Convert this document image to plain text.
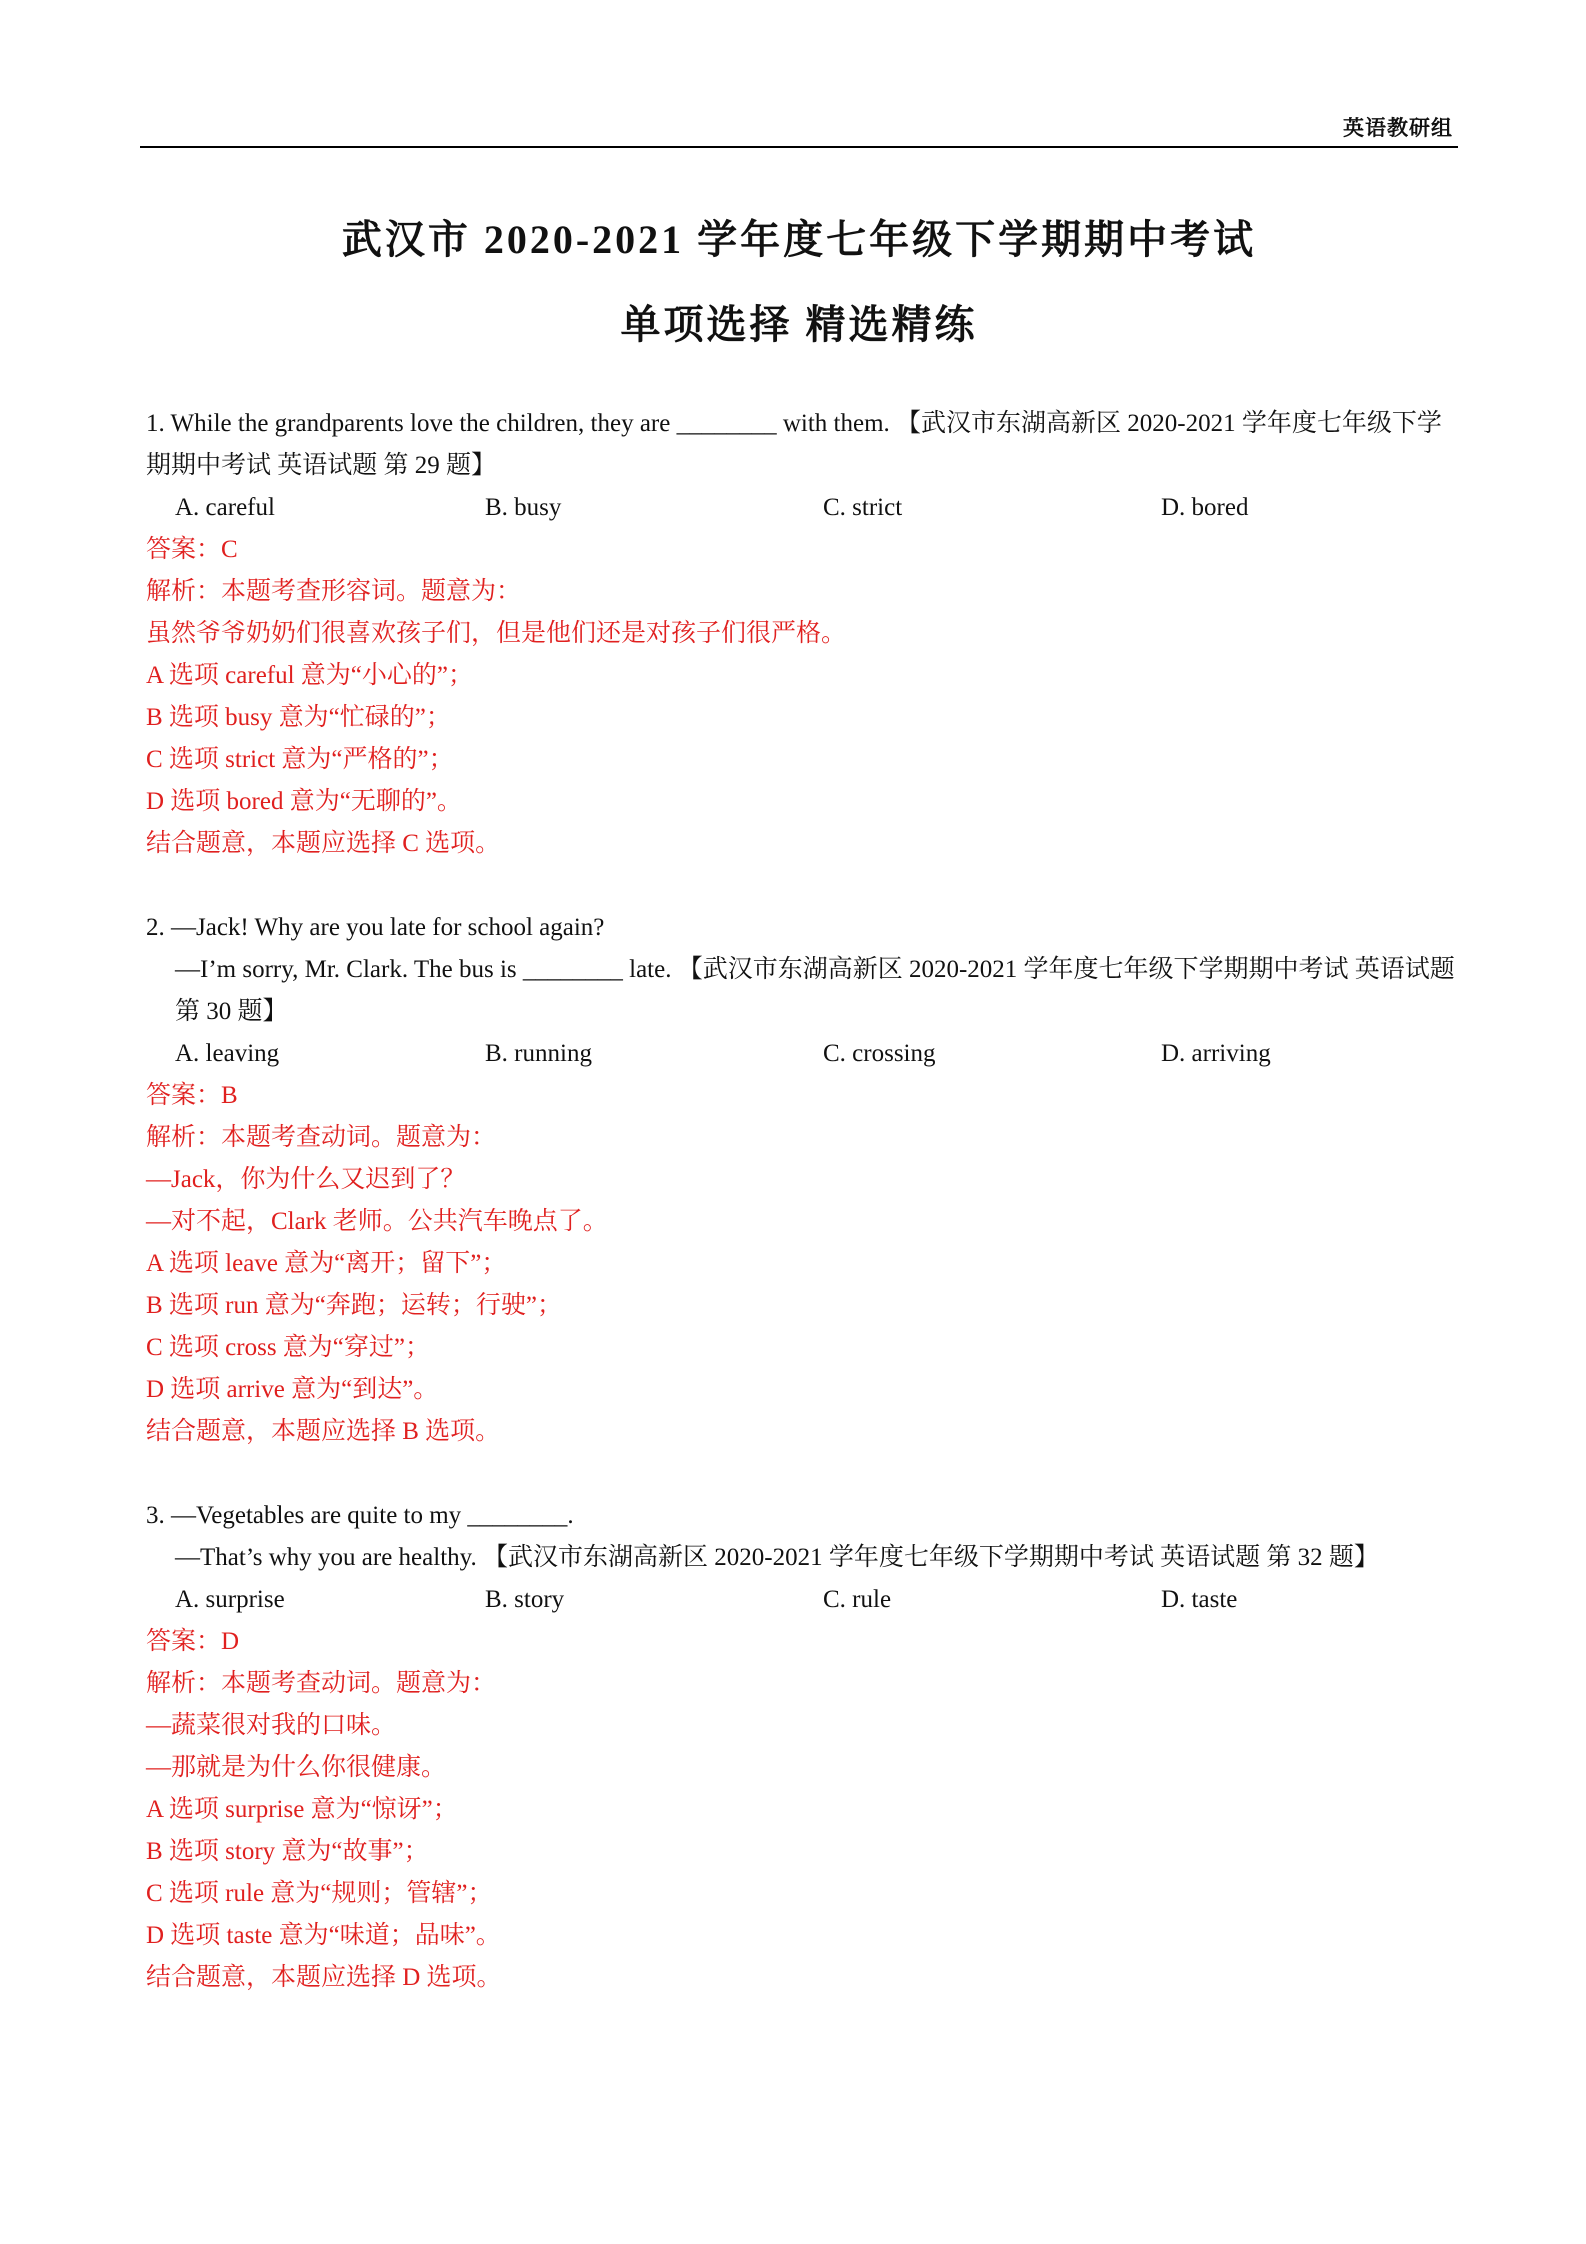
英语教研组
武汉市 2020-2021 学年度七年级下学期期中考试
单项选择 精选精练

1. While the grandparents love the children, they are ________ with them. 【武汉市东湖高新区 2020-2021 学年度七年级下学期期中考试 英语试题 第 29 题】

A. careful	B. busy	C. strict	D. bored

答案：C

解析：本题考查形容词。题意为：

虽然爷爷奶奶们很喜欢孩子们，但是他们还是对孩子们很严格。

A 选项 careful 意为“小心的”；

B 选项 busy 意为“忙碌的”；

C 选项 strict 意为“严格的”；

D 选项 bored 意为“无聊的”。

结合题意，本题应选择 C 选项。

2. —Jack! Why are you late for school again?

—I’m sorry, Mr. Clark. The bus is ________ late. 【武汉市东湖高新区 2020-2021 学年度七年级下学期期中考试 英语试题 第 30 题】

A. leaving	B. running	C. crossing	D. arriving

答案：B

解析：本题考查动词。题意为：

—Jack，你为什么又迟到了？

—对不起，Clark 老师。公共汽车晚点了。

A 选项 leave 意为“离开；留下”；

B 选项 run 意为“奔跑；运转；行驶”；

C 选项 cross 意为“穿过”；

D 选项 arrive 意为“到达”。

结合题意，本题应选择 B 选项。

3. —Vegetables are quite to my ________.

—That’s why you are healthy. 【武汉市东湖高新区 2020-2021 学年度七年级下学期期中考试 英语试题 第 32 题】

A. surprise	B. story	C. rule	D. taste

答案：D

解析：本题考查动词。题意为：

—蔬菜很对我的口味。

—那就是为什么你很健康。

A 选项 surprise 意为“惊讶”；

B 选项 story 意为“故事”；

C 选项 rule 意为“规则；管辖”；

D 选项 taste 意为“味道；品味”。

结合题意，本题应选择 D 选项。
